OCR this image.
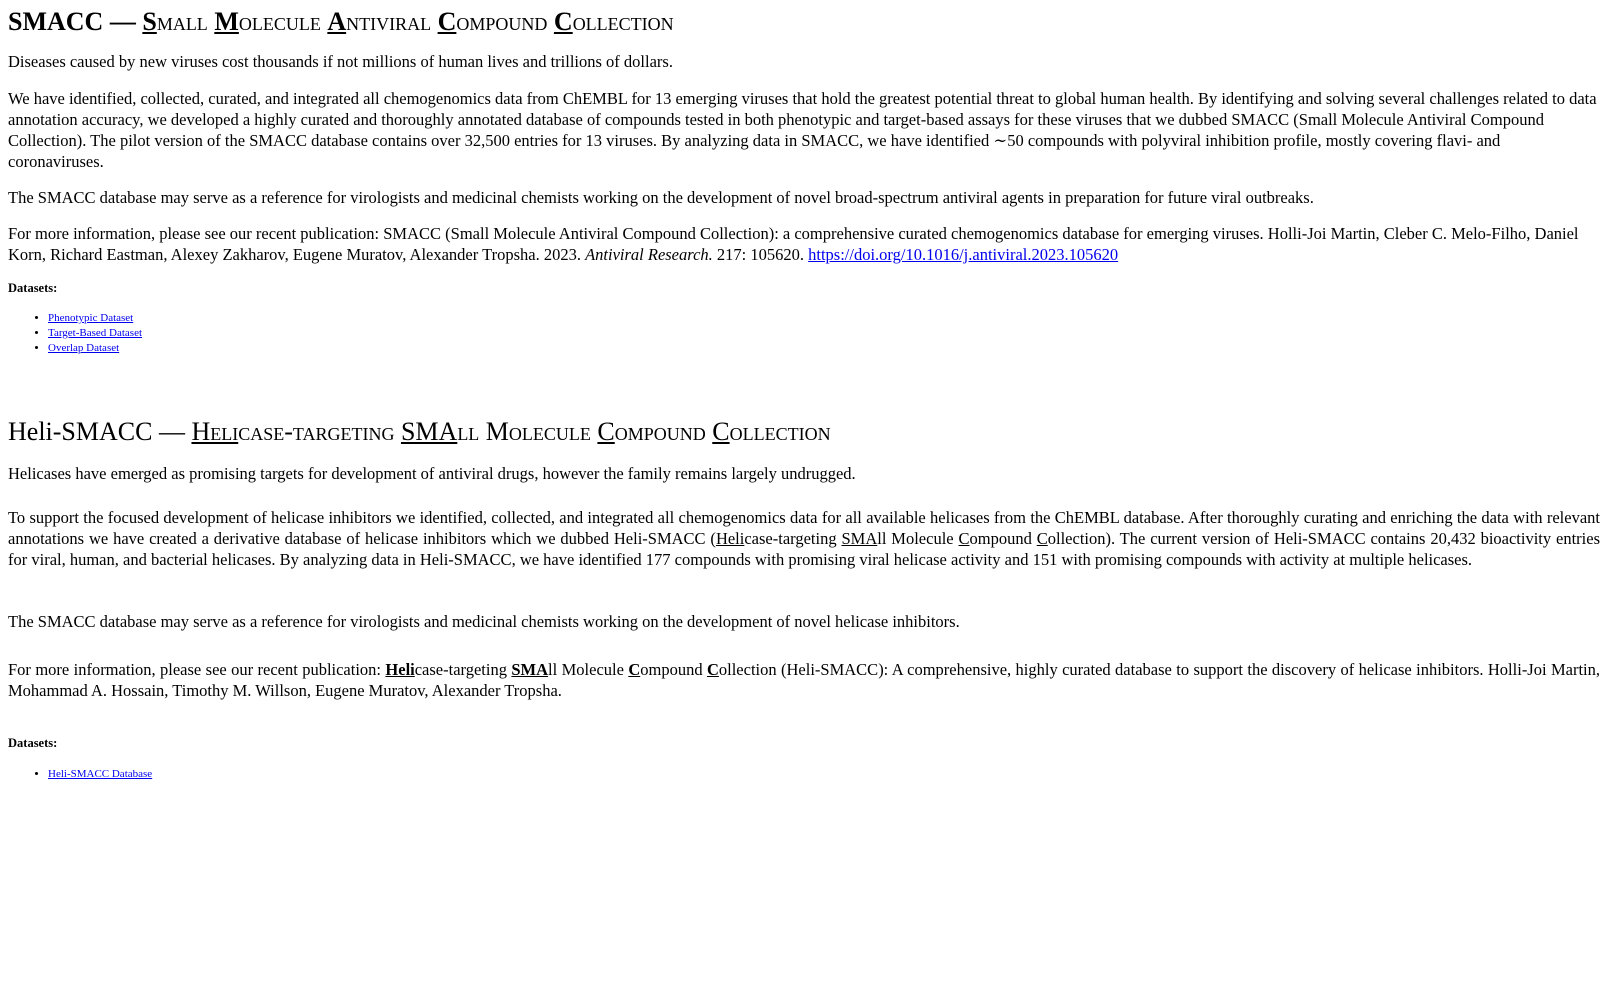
SMACC — Small Molecule Antiviral Compound Collection

Diseases caused by new viruses cost thousands if not millions of human lives and trillions of dollars.

We have identified, collected, curated, and integrated all chemogenomics data from ChEMBL for 13 emerging viruses that hold the greatest potential threat to global human health. By identifying and solving several challenges related to data annotation accuracy, we developed a highly curated and thoroughly annotated database of compounds tested in both phenotypic and target-based assays for these viruses that we dubbed SMACC (Small Molecule Antiviral Compound Collection). The pilot version of the SMACC database contains over 32,500 entries for 13 viruses. By analyzing data in SMACC, we have identified ∼50 compounds with polyviral inhibition profile, mostly covering flavi- and coronaviruses.

The SMACC database may serve as a reference for virologists and medicinal chemists working on the development of novel broad-spectrum antiviral agents in preparation for future viral outbreaks.

For more information, please see our recent publication: SMACC (Small Molecule Antiviral Compound Collection): a comprehensive curated chemogenomics database for emerging viruses. Holli-Joi Martin, Cleber C. Melo-Filho, Daniel Korn, Richard Eastman, Alexey Zakharov, Eugene Muratov, Alexander Tropsha. 2023. Antiviral Research. 217: 105620. https://doi.org/10.1016/j.antiviral.2023.105620

Datasets:
• Phenotypic Dataset
• Target-Based Dataset
• Overlap Dataset
Heli-SMACC — Helicase-targeting SMAll Molecule Compound Collection

Helicases have emerged as promising targets for development of antiviral drugs, however the family remains largely undrugged.

To support the focused development of helicase inhibitors we identified, collected, and integrated all chemogenomics data for all available helicases from the ChEMBL database. After thoroughly curating and enriching the data with relevant annotations we have created a derivative database of helicase inhibitors which we dubbed Heli-SMACC (Helicase-targeting SMAll Molecule Compound Collection). The current version of Heli-SMACC contains 20,432 bioactivity entries for viral, human, and bacterial helicases. By analyzing data in Heli-SMACC, we have identified 177 compounds with promising viral helicase activity and 151 with promising compounds with activity at multiple helicases.

The SMACC database may serve as a reference for virologists and medicinal chemists working on the development of novel helicase inhibitors.

For more information, please see our recent publication: Helicase-targeting SMAll Molecule Compound Collection (Heli-SMACC): A comprehensive, highly curated database to support the discovery of helicase inhibitors. Holli-Joi Martin, Mohammad A. Hossain, Timothy M. Willson, Eugene Muratov, Alexander Tropsha.

Datasets:
• Heli-SMACC Database
